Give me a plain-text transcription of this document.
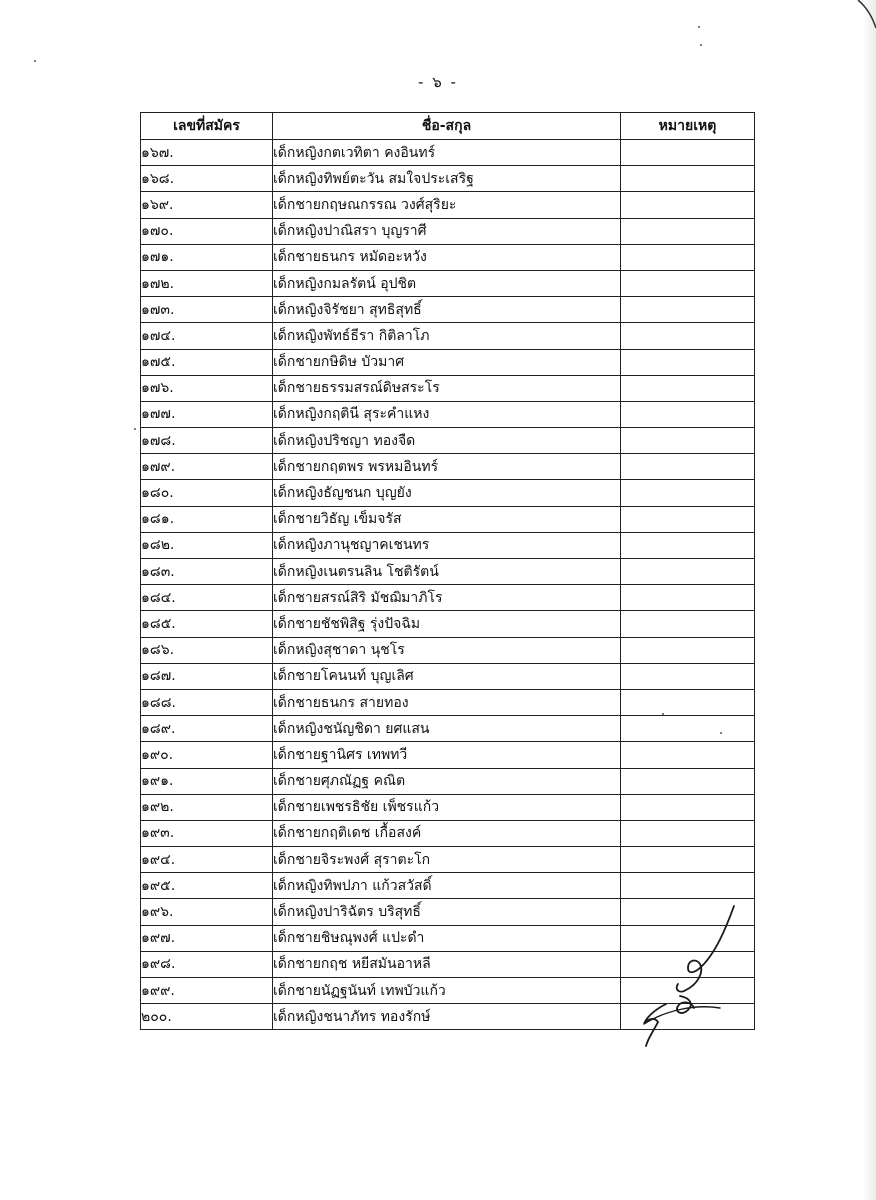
- ๖ -
เลขที่สมัคร	ชื่อ-สกุล	หมายเหตุ
๑๖๗.	เด็กหญิงกตเวทิตา คงอินทร์	
๑๖๘.	เด็กหญิงทิพย์ตะวัน สมใจประเสริฐ	
๑๖๙.	เด็กชายกฤษณกรรณ วงศ์สุริยะ	
๑๗๐.	เด็กหญิงปาณิสรา บุญราศี	
๑๗๑.	เด็กชายธนกร หมัดอะหวัง	
๑๗๒.	เด็กหญิงกมลรัตน์ อุปชิต	
๑๗๓.	เด็กหญิงจิรัชยา สุทธิสุทธิ์	
๑๗๔.	เด็กหญิงพัทธ์ธีรา กิติลาโภ	
๑๗๕.	เด็กชายกษิดิษ บัวมาศ	
๑๗๖.	เด็กชายธรรมสรณ์ดิษสระโร	
๑๗๗.	เด็กหญิงกฤตินี สุระคำแหง	
๑๗๘.	เด็กหญิงปริชญา ทองจืด	
๑๗๙.	เด็กชายกฤตพร พรหมอินทร์	
๑๘๐.	เด็กหญิงธัญชนก บุญยัง	
๑๘๑.	เด็กชายวิธัญ เข็มจรัส	
๑๘๒.	เด็กหญิงภานุชญาคเชนทร	
๑๘๓.	เด็กหญิงเนตรนลิน โชติรัตน์	
๑๘๔.	เด็กชายสรณ์สิริ มัชฌิมาภิโร	
๑๘๕.	เด็กชายชัชพิสิฐ รุ่งปัจฉิม	
๑๘๖.	เด็กหญิงสุชาดา นุชโร	
๑๘๗.	เด็กชายโคนนท์ บุญเลิศ	
๑๘๘.	เด็กชายธนกร สายทอง	
๑๘๙.	เด็กหญิงชนัญชิดา ยศแสน	
๑๙๐.	เด็กชายฐานิศร เทพทวี	
๑๙๑.	เด็กชายศุภณัฏฐ คณิต	
๑๙๒.	เด็กชายเพชรธิชัย เพ็ชรแก้ว	
๑๙๓.	เด็กชายกฤติเดช เกื้อสงค์	
๑๙๔.	เด็กชายจิระพงศ์ สุราตะโก	
๑๙๕.	เด็กหญิงทิพปภา แก้วสวัสดิ์	
๑๙๖.	เด็กหญิงปาริฉัตร บริสุทธิ์	
๑๙๗.	เด็กชายชิษณุพงศ์ แปะดำ	
๑๙๘.	เด็กชายกฤช หยีสมันอาหลี	
๑๙๙.	เด็กชายนัฏฐนันท์ เทพบัวแก้ว	
๒๐๐.	เด็กหญิงชนาภัทร ทองรักษ์	
